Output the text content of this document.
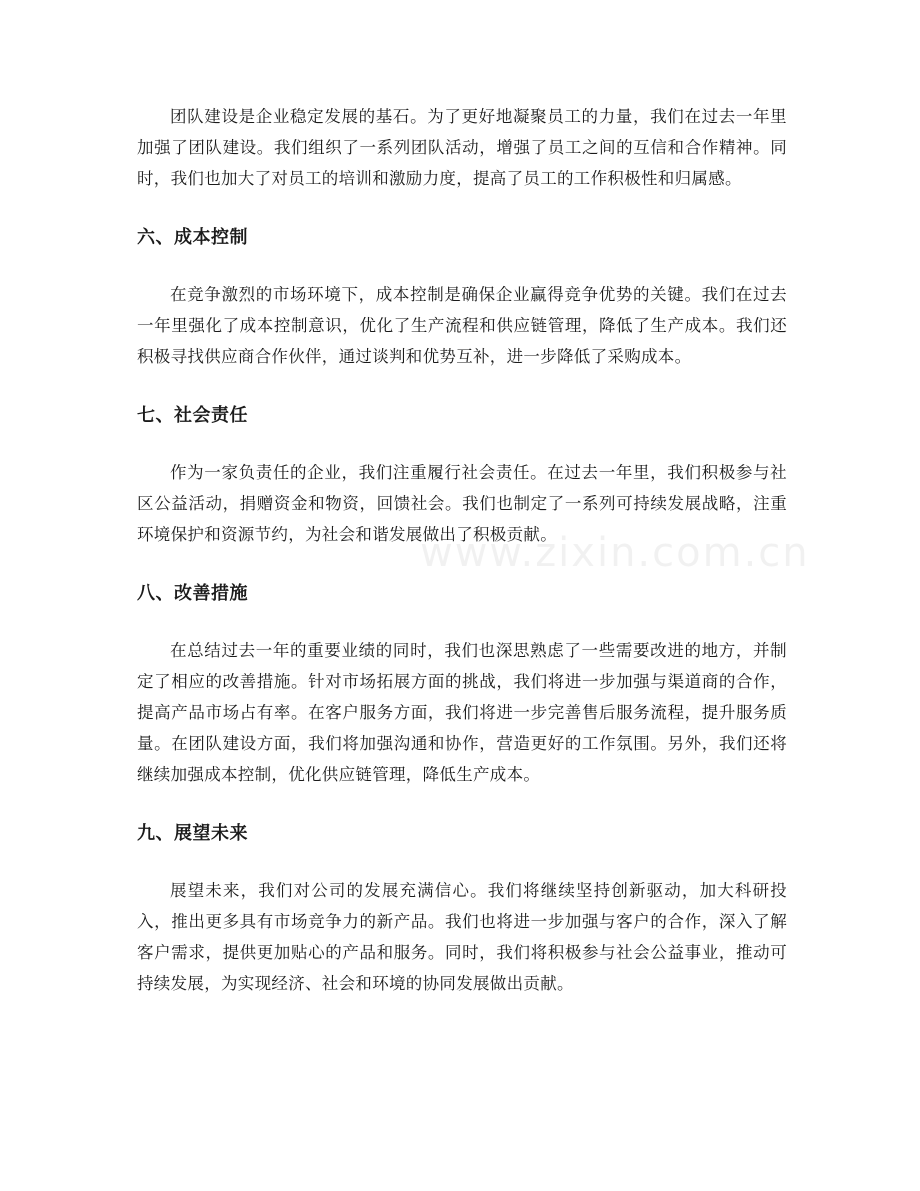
www.zixin.com.cn

团队建设是企业稳定发展的基石。为了更好地凝聚员工的力量，我们在过去一年里加强了团队建设。我们组织了一系列团队活动，增强了员工之间的互信和合作精神。同时，我们也加大了对员工的培训和激励力度，提高了员工的工作积极性和归属感。

六、成本控制

在竞争激烈的市场环境下，成本控制是确保企业赢得竞争优势的关键。我们在过去一年里强化了成本控制意识，优化了生产流程和供应链管理，降低了生产成本。我们还积极寻找供应商合作伙伴，通过谈判和优势互补，进一步降低了采购成本。

七、社会责任

作为一家负责任的企业，我们注重履行社会责任。在过去一年里，我们积极参与社区公益活动，捐赠资金和物资，回馈社会。我们也制定了一系列可持续发展战略，注重环境保护和资源节约，为社会和谐发展做出了积极贡献。

八、改善措施

在总结过去一年的重要业绩的同时，我们也深思熟虑了一些需要改进的地方，并制定了相应的改善措施。针对市场拓展方面的挑战，我们将进一步加强与渠道商的合作，提高产品市场占有率。在客户服务方面，我们将进一步完善售后服务流程，提升服务质量。在团队建设方面，我们将加强沟通和协作，营造更好的工作氛围。另外，我们还将继续加强成本控制，优化供应链管理，降低生产成本。

九、展望未来

展望未来，我们对公司的发展充满信心。我们将继续坚持创新驱动，加大科研投入，推出更多具有市场竞争力的新产品。我们也将进一步加强与客户的合作，深入了解客户需求，提供更加贴心的产品和服务。同时，我们将积极参与社会公益事业，推动可持续发展，为实现经济、社会和环境的协同发展做出贡献。
